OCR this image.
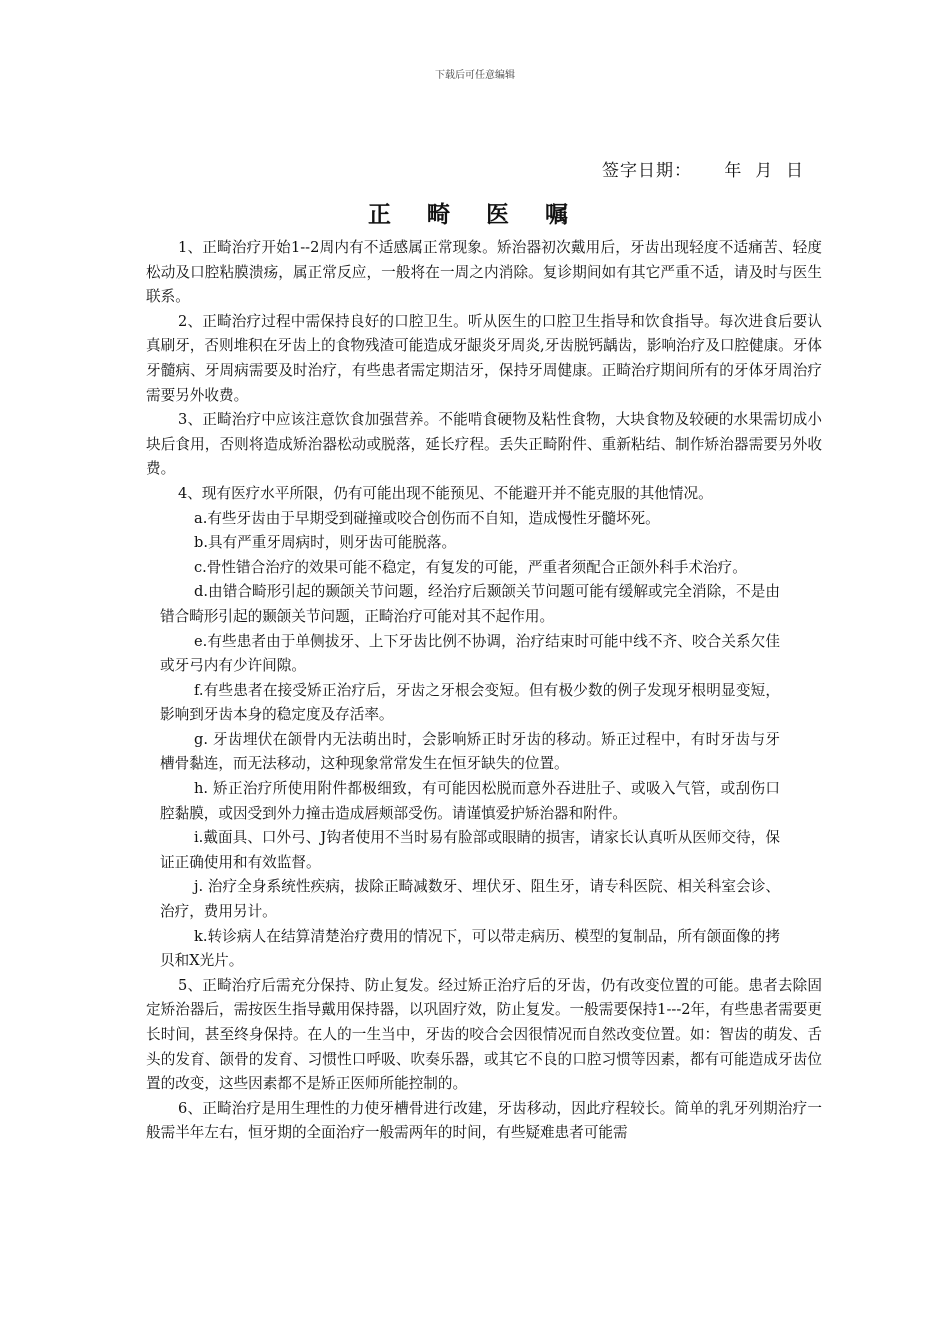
下载后可任意编辑
签字日期： 年 月 日
正 畸 医 嘱

1、正畸治疗开始1--2周内有不适感属正常现象。矫治器初次戴用后，牙齿出现轻度不适痛苦、轻度松动及口腔粘膜溃疡，属正常反应，一般将在一周之内消除。复诊期间如有其它严重不适，请及时与医生联系。

2、正畸治疗过程中需保持良好的口腔卫生。听从医生的口腔卫生指导和饮食指导。每次进食后要认真刷牙，否则堆积在牙齿上的食物残渣可能造成牙龈炎牙周炎,牙齿脱钙龋齿，影响治疗及口腔健康。牙体牙髓病、牙周病需要及时治疗，有些患者需定期洁牙，保持牙周健康。正畸治疗期间所有的牙体牙周治疗需要另外收费。

3、正畸治疗中应该注意饮食加强营养。不能啃食硬物及粘性食物，大块食物及较硬的水果需切成小块后食用，否则将造成矫治器松动或脱落，延长疗程。丢失正畸附件、重新粘结、制作矫治器需要另外收费。

4、现有医疗水平所限，仍有可能出现不能预见、不能避开并不能克服的其他情况。

a.有些牙齿由于早期受到碰撞或咬合创伤而不自知，造成慢性牙髓坏死。

b.具有严重牙周病时，则牙齿可能脱落。

c.骨性错合治疗的效果可能不稳定，有复发的可能，严重者须配合正颌外科手术治疗。

d.由错合畸形引起的颞颌关节问题，经治疗后颞颌关节问题可能有缓解或完全消除，不是由错合畸形引起的颞颌关节问题，正畸治疗可能对其不起作用。

e.有些患者由于单侧拔牙、上下牙齿比例不协调，治疗结束时可能中线不齐、咬合关系欠佳或牙弓内有少许间隙。

f.有些患者在接受矫正治疗后，牙齿之牙根会变短。但有极少数的例子发现牙根明显变短，影响到牙齿本身的稳定度及存活率。

g. 牙齿埋伏在颌骨内无法萌出时，会影响矫正时牙齿的移动。矫正过程中，有时牙齿与牙槽骨黏连，而无法移动，这种现象常常发生在恒牙缺失的位置。

h. 矫正治疗所使用附件都极细致，有可能因松脱而意外吞进肚子、或吸入气管，或刮伤口腔黏膜，或因受到外力撞击造成唇颊部受伤。请谨慎爱护矫治器和附件。

i.戴面具、口外弓、J钩者使用不当时易有脸部或眼睛的损害，请家长认真听从医师交待，保证正确使用和有效监督。

j. 治疗全身系统性疾病，拔除正畸减数牙、埋伏牙、阻生牙，请专科医院、相关科室会诊、治疗，费用另计。

k.转诊病人在结算清楚治疗费用的情况下，可以带走病历、模型的复制品，所有颌面像的拷贝和X光片。

5、正畸治疗后需充分保持、防止复发。经过矫正治疗后的牙齿，仍有改变位置的可能。患者去除固定矫治器后，需按医生指导戴用保持器，以巩固疗效，防止复发。一般需要保持1---2年，有些患者需要更长时间，甚至终身保持。在人的一生当中，牙齿的咬合会因很情况而自然改变位置。如：智齿的萌发、舌头的发育、颌骨的发育、习惯性口呼吸、吹奏乐器，或其它不良的口腔习惯等因素，都有可能造成牙齿位置的改变，这些因素都不是矫正医师所能控制的。

6、正畸治疗是用生理性的力使牙槽骨进行改建，牙齿移动，因此疗程较长。简单的乳牙列期治疗一般需半年左右，恒牙期的全面治疗一般需两年的时间，有些疑难患者可能需
